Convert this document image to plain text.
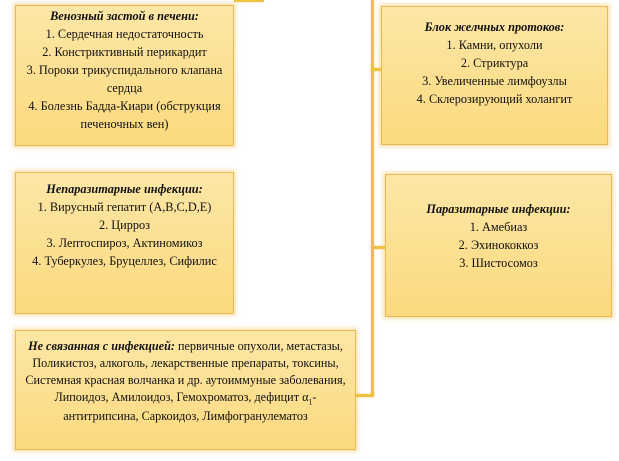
Венозный застой в печени:
1. Сердечная недостаточность
2. Констриктивный перикардит
3. Пороки трикуспидального клапана сердца
4. Болезнь Бадда-Киари (обструкция печеночных вен)
Блок желчных протоков:
1. Камни, опухоли
2. Стриктура
3. Увеличенные лимфоузлы
4. Склерозирующий холангит
Непаразитарные инфекции:
1. Вирусный гепатит (A,B,C,D,E)
2. Цирроз
3. Лептоспироз, Актиномикоз
4. Туберкулез, Бруцеллез, Сифилис
Паразитарные инфекции:
1. Амебиаз
2. Эхинококкоз
3. Шистосомоз
Не связанная с инфекцией: первичные опухоли, метастазы, Поликистоз, алкоголь, лекарственные препараты, токсины, Системная красная волчанка и др. аутоиммуные заболевания, Липоидоз, Амилоидоз, Гемохроматоз, дефицит $\alpha_1$-антитрипсина, Саркоидоз, Лимфогранулематоз
